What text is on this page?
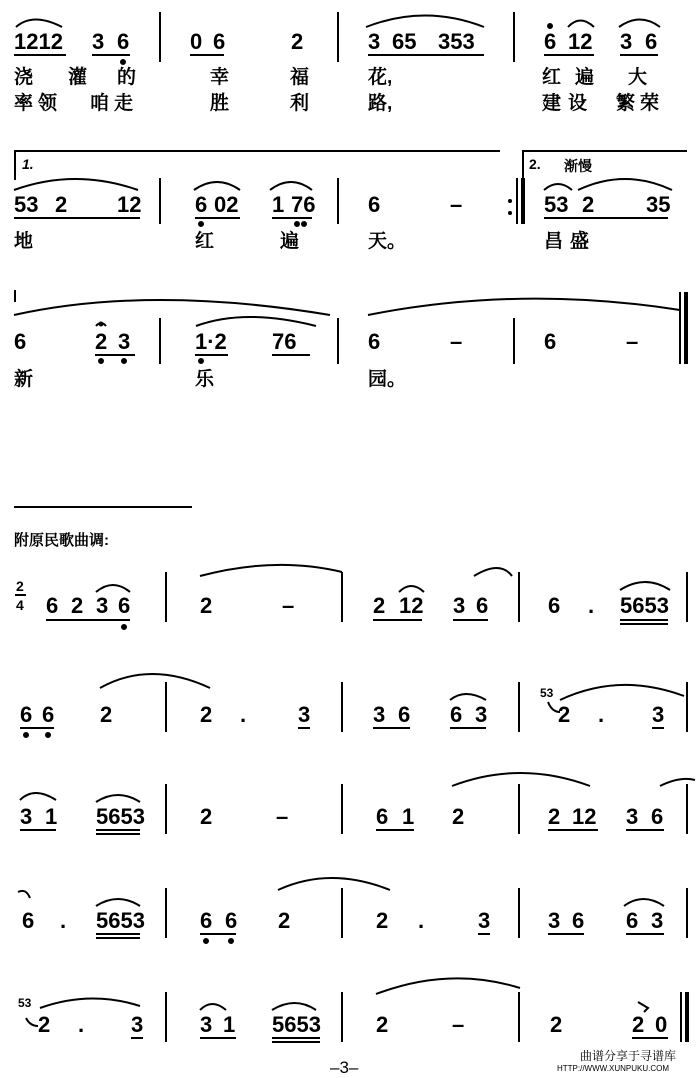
1212 3 6	0 6	2	3 65 353	6 12 3 6
浇 灌 的	幸	福	花,	红 遍 大
率 领 咱 走	胜	利	路,	建 设 繁 荣
1.	2. 渐慢
53 2 12 6 02 1 76 6	–	53 2 35
地	红	遍	天。	昌 盛
6	2 3	1·2 76	6	–	6	–
新	乐	园。
附原民歌曲调:
2
4 6 2 3 6	2	–	2 12 3 6	6 . 5653
6 6 2	2 . 3	3 6 6 3
53
2 . 3
3 1 5653	2	–	6 1 2	2 12 3 6
6 . 5653	6 6 2	2 . 3	3 6 6 3
53
2 . 3	3 1 5653	2	–	2	2 0
–3–
曲谱分享于寻谱库
HTTP://WWW.XUNPUKU.COM
